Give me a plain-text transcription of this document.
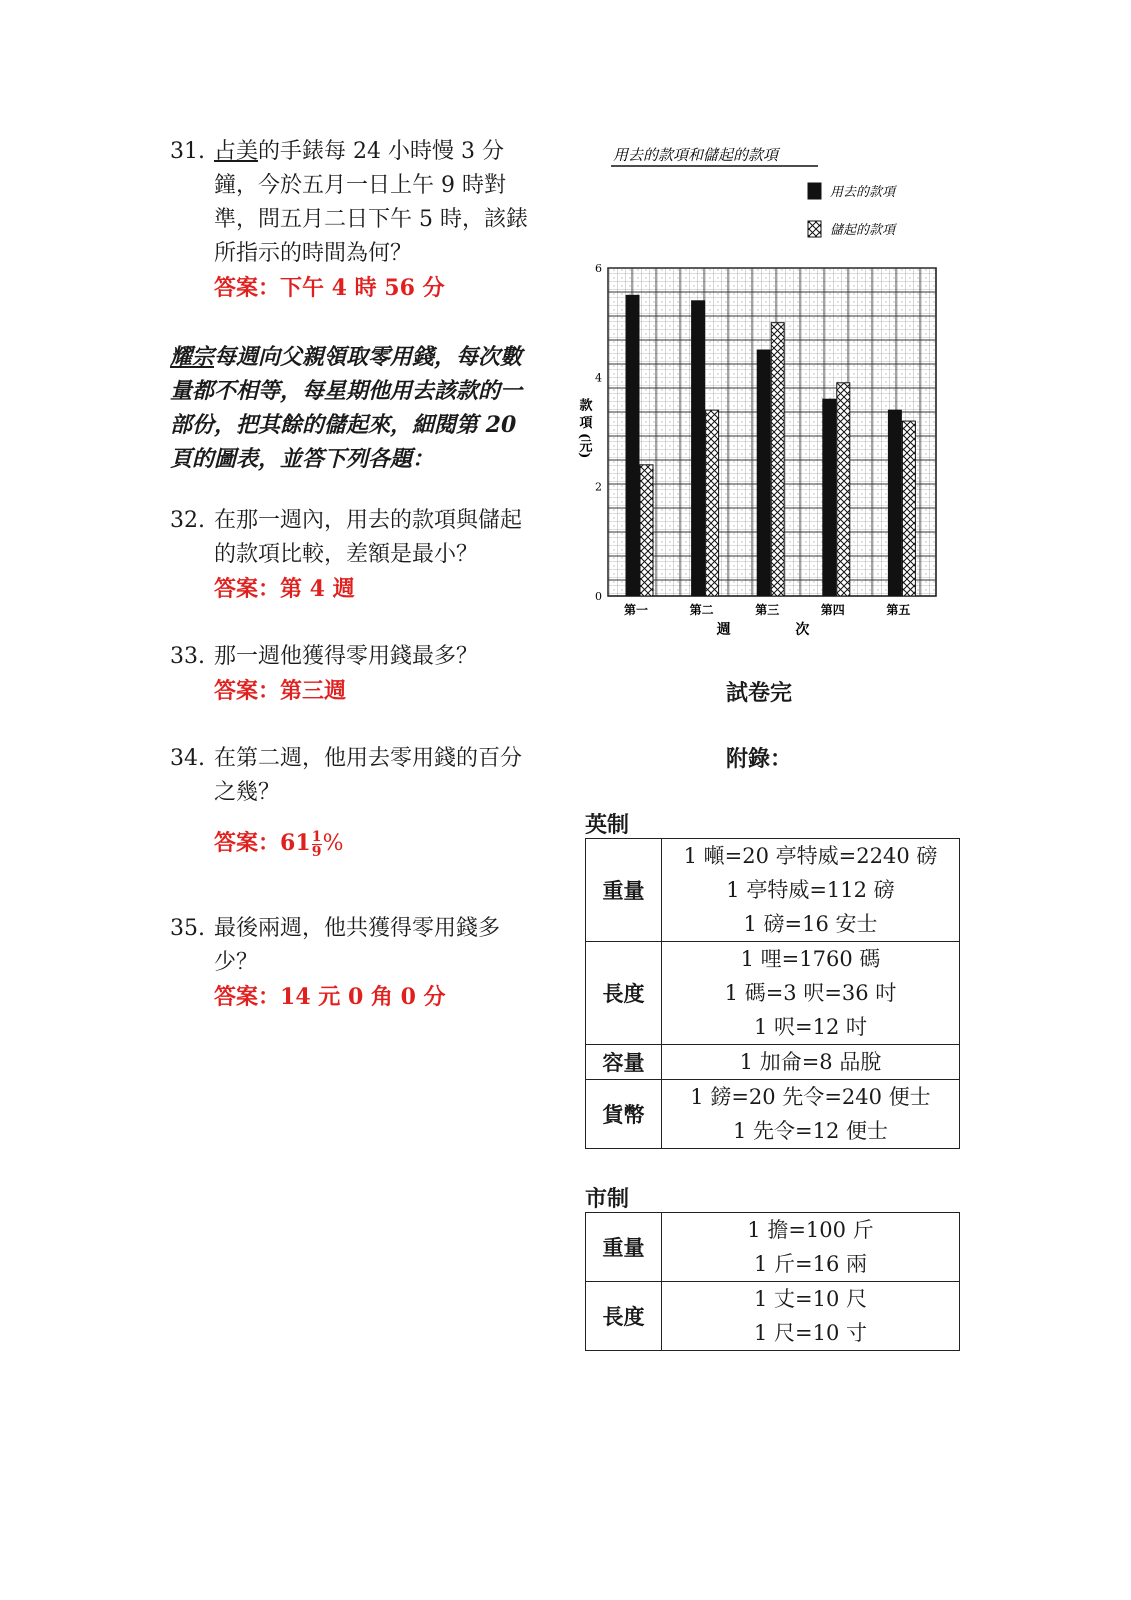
31. 占美的手錶每 24 小時慢 3 分
鐘，今於五月一日上午 9 時對
準，問五月二日下午 5 時，該錶
所指示的時間為何？
答案：下午 4 時 56 分
耀宗每週向父親領取零用錢，每次數
量都不相等，每星期他用去該款的一
部份，把其餘的儲起來，細閱第 20
頁的圖表，並答下列各題：
32. 在那一週內，用去的款項與儲起
的款項比較，差額是最小？
答案：第 4 週
33. 那一週他獲得零用錢最多？
答案：第三週
34. 在第二週，他用去零用錢的百分
之幾？
答案：$61 \frac{1}{9}$ %
35. 最後兩週，他共獲得零用錢多
少？
答案：14 元 0 角 0 分
用去的款項和儲起的款項
用去的款項
儲起的款項
第一	第二	第三	第四	第五
0
2
4
6
款 項 (元)
週 次
試卷完
附錄：
英制
重量	1 噸=20 亭特威=2240 磅
1 亭特威=112 磅
1 磅=16 安士

長度	1 哩=1760 碼
1 碼=3 呎=36 吋
1 呎=12 吋

容量	1 加侖=8 品脫

貨幣	1 鎊=20 先令=240 便士
1 先令=12 便士
市制
重量	1 擔=100 斤
1 斤=16 兩

長度	1 丈=10 尺
1 尺=10 寸
